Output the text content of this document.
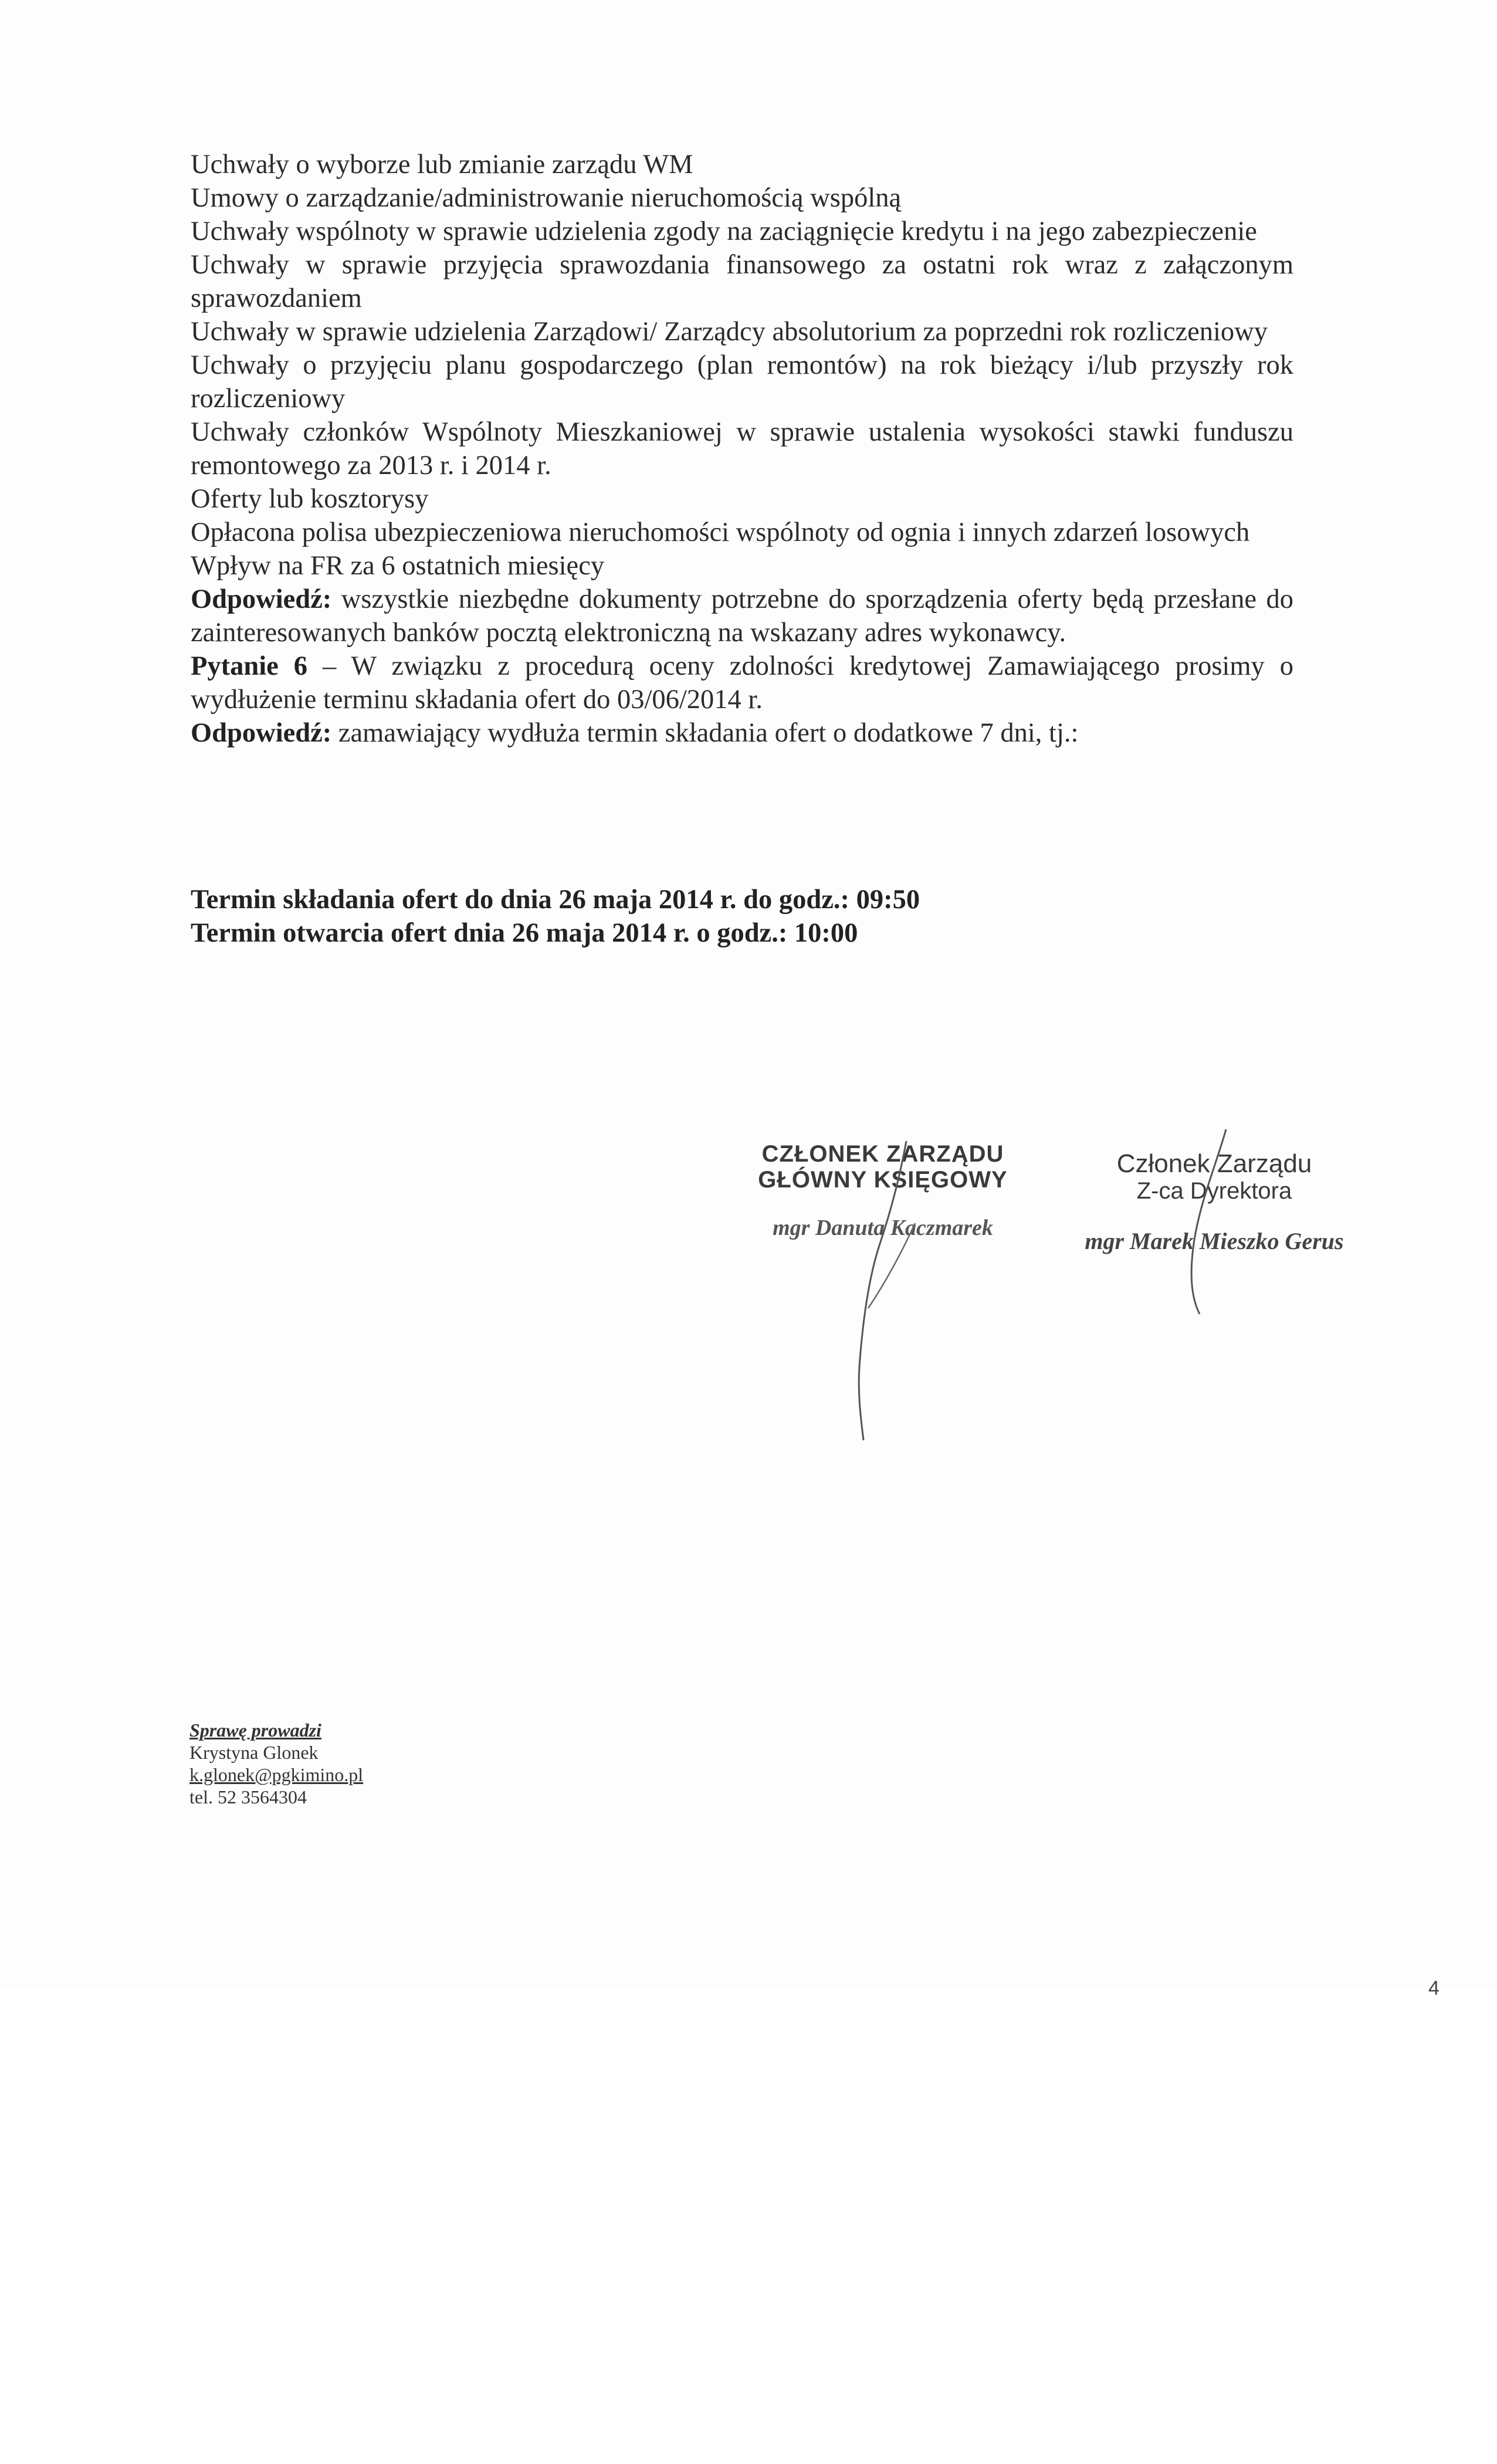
Uchwały o wyborze lub zmianie zarządu WM

Umowy o zarządzanie/administrowanie nieruchomością wspólną

Uchwały wspólnoty w sprawie udzielenia zgody na zaciągnięcie kredytu i na jego zabezpieczenie

Uchwały w sprawie przyjęcia sprawozdania finansowego za ostatni rok wraz z załączonym sprawozdaniem

Uchwały w sprawie udzielenia Zarządowi/ Zarządcy absolutorium za poprzedni rok rozliczeniowy

Uchwały o przyjęciu planu gospodarczego (plan remontów) na rok bieżący i/lub przyszły rok rozliczeniowy

Uchwały członków Wspólnoty Mieszkaniowej w sprawie ustalenia wysokości stawki funduszu remontowego za 2013 r. i 2014 r.

Oferty lub kosztorysy

Opłacona polisa ubezpieczeniowa nieruchomości wspólnoty od ognia i innych zdarzeń losowych

Wpływ na FR za 6 ostatnich miesięcy

Odpowiedź: wszystkie niezbędne dokumenty potrzebne do sporządzenia oferty będą przesłane do zainteresowanych banków pocztą elektroniczną na wskazany adres wykonawcy.

Pytanie 6 – W związku z procedurą oceny zdolności kredytowej Zamawiającego prosimy o wydłużenie terminu składania ofert do 03/06/2014 r.

Odpowiedź: zamawiający wydłuża termin składania ofert o dodatkowe 7 dni, tj.:

Termin składania ofert do dnia 26 maja 2014 r. do godz.: 09:50

Termin otwarcia ofert dnia 26 maja 2014 r. o godz.: 10:00

CZŁONEK ZARZĄDU
GŁÓWNY KSIĘGOWY
mgr Danuta Kaczmarek
Członek Zarządu
Z-ca Dyrektora
mgr Marek Mieszko Gerus
Sprawę prowadzi
Krystyna Glonek
k.glonek@pgkimino.pl
tel. 52 3564304
4
